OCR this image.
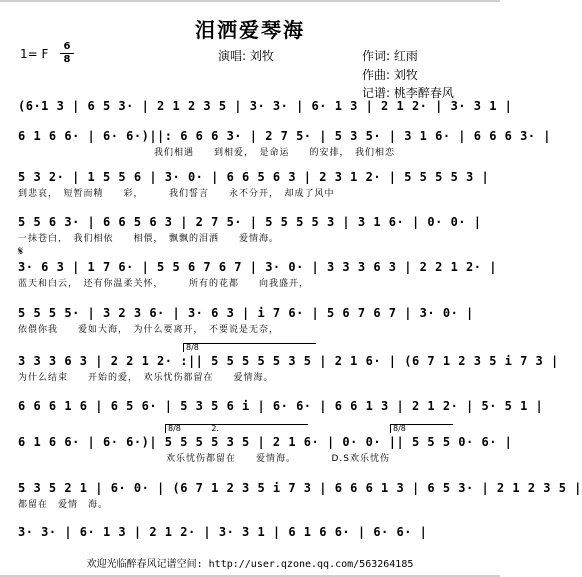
泪洒爱琴海
1= F
6
8	演唱: 刘牧	作词: 红雨
作曲: 刘牧
记谱: 桃李醉春风
(6·1 3 | 6 5 3· | 2 1 2 3 5 | 3· 3· | 6· 1 3 | 2 1 2· | 3· 3 1 |
6 1 6 6· | 6· 6·)||: 6 6 6 3· | 2 7 5· | 5 3 5· | 3 1 6· | 6 6 6 3· |
我们相遇　　到相爱，　是命运　　的安排，　我们相恋
5 3 2· | 1 5 5 6 | 3· 0· | 6 6 5 6 3 | 2 3 1 2· | 5 5 5 5 3 |
到悲哀，　短暂而精　　彩，　　　我们誓言　　永不分开，　却成了风中
5 5 6 3· | 6 6 5 6 3 | 2 7 5· | 5 5 5 5 3 | 3 1 6· | 0· 0· |
一抹苍白，　我们相依　　相偎，　飘飘的泪洒　　爱情海。
𝄋
3· 6 3 | 1 7 6· | 5 5 6 7 6 7 | 3· 0· | 3 3 3 6 3 | 2 2 1 2· |
蓝天和白云，　还有你温柔关怀，　　　所有的花都　　向我盛开，
5 5 5 5· | 3 2 3 6· | 3· 6 3 | i 7 6· | 5 6 7 6 7 | 3· 0· |
依偎你我　　爱如大海，　为什么要离开，　不要说是无奈，
8/8
3 3 3 6 3 | 2 2 1 2· :|| 5 5 5 5 5 3 5 | 2 1 6· | (6 7 1 2 3 5 i 7 3 |
为什么结束　　开始的爱，　欢乐忧伤都留在　　爱情海。
6 6 6 1 6 | 6 5 6· | 5 3 5 6 i | 6· 6· | 6 6 1 3 | 2 1 2· | 5· 5 1 |
8/8	2.	8/8
6 1 6 6· | 6· 6·)| 5 5 5 5 3 5 | 2 1 6· | 0· 0· || 5 5 5 0· 6· |
欢乐忧伤都留在　　爱情海。　　　　D.S欢乐忧伤
5 3 5 2 1 | 6· 0· | (6 7 1 2 3 5 i 7 3 | 6 6 6 1 3 | 6 5 3· | 2 1 2 3 5 |
都留在　爱情　海。
3· 3· | 6· 1 3 | 2 1 2· | 3· 3 1 | 6 1 6 6· | 6· 6· |
欢迎光临醉春风记谱空间: http://user.qzone.qq.com/563264185
